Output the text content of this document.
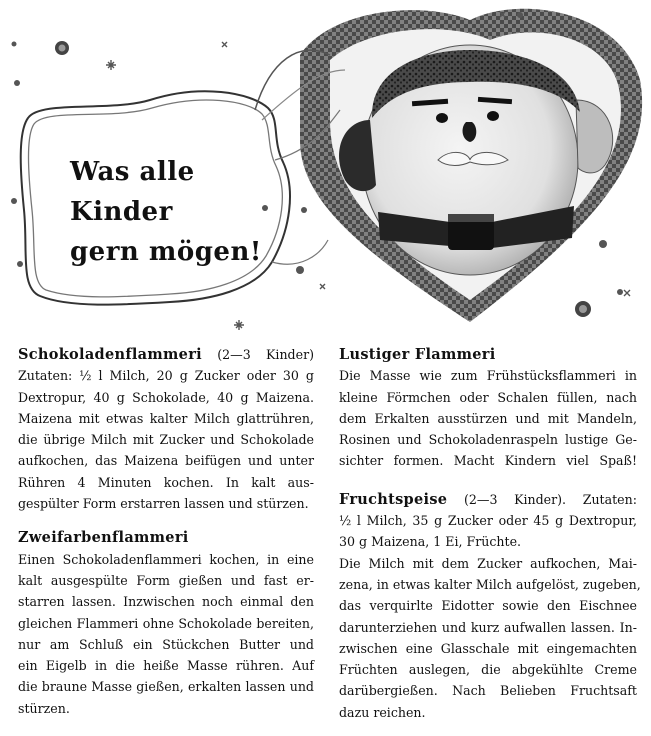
Was alle
Kinder
gern mögen!
Schokoladenflammeri (2—3 Kinder)
Zutaten: ½ l Milch, 20 g Zucker oder 30 g
Dextropur, 40 g Schokolade, 40 g Maizena.
Maizena mit etwas kalter Milch glattrühren,
die übrige Milch mit Zucker und Schokolade
aufkochen, das Maizena beifügen und unter
Rühren 4 Minuten kochen. In kalt aus-
gespülter Form erstarren lassen und stürzen.
Zweifarbenflammeri
Einen Schokoladenflammeri kochen, in eine
kalt ausgespülte Form gießen und fast er-
starren lassen. Inzwischen noch einmal den
gleichen Flammeri ohne Schokolade bereiten,
nur am Schluß ein Stückchen Butter und
ein Eigelb in die heiße Masse rühren. Auf
die braune Masse gießen, erkalten lassen und
stürzen.
Lustiger Flammeri
Die Masse wie zum Frühstücksflammeri in
kleine Förmchen oder Schalen füllen, nach
dem Erkalten ausstürzen und mit Mandeln,
Rosinen und Schokoladenraspeln lustige Ge-
sichter formen. Macht Kindern viel Spaß!
Fruchtspeise (2—3 Kinder). Zutaten:
½ l Milch, 35 g Zucker oder 45 g Dextropur,
30 g Maizena, 1 Ei, Früchte.
Die Milch mit dem Zucker aufkochen, Mai-
zena, in etwas kalter Milch aufgelöst, zugeben,
das verquirlte Eidotter sowie den Eischnee
darunterziehen und kurz aufwallen lassen. In-
zwischen eine Glasschale mit eingemachten
Früchten auslegen, die abgekühlte Creme
darübergießen. Nach Belieben Fruchtsaft
dazu reichen.
